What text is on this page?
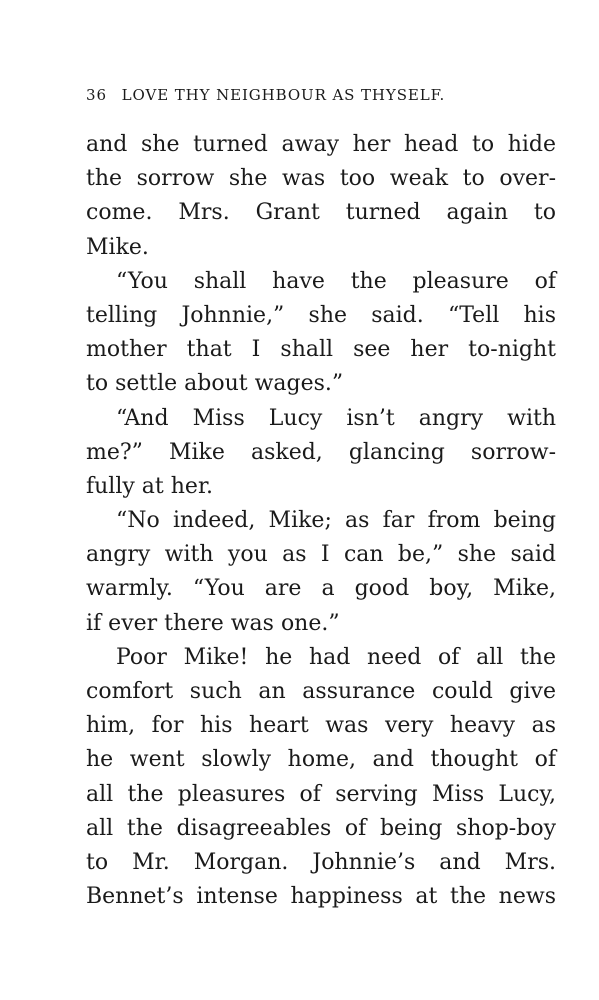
36 LOVE THY NEIGHBOUR AS THYSELF.
and she turned away her head to hide
the sorrow she was too weak to over-
come. Mrs. Grant turned again to
Mike.
“You shall have the pleasure of
telling Johnnie,” she said. “Tell his
mother that I shall see her to-night
to settle about wages.”
“And Miss Lucy isn’t angry with
me?” Mike asked, glancing sorrow-
fully at her.
“No indeed, Mike; as far from being
angry with you as I can be,” she said
warmly. “You are a good boy, Mike,
if ever there was one.”
Poor Mike! he had need of all the
comfort such an assurance could give
him, for his heart was very heavy as
he went slowly home, and thought of
all the pleasures of serving Miss Lucy,
all the disagreeables of being shop-boy
to Mr. Morgan. Johnnie’s and Mrs.
Bennet’s intense happiness at the news
